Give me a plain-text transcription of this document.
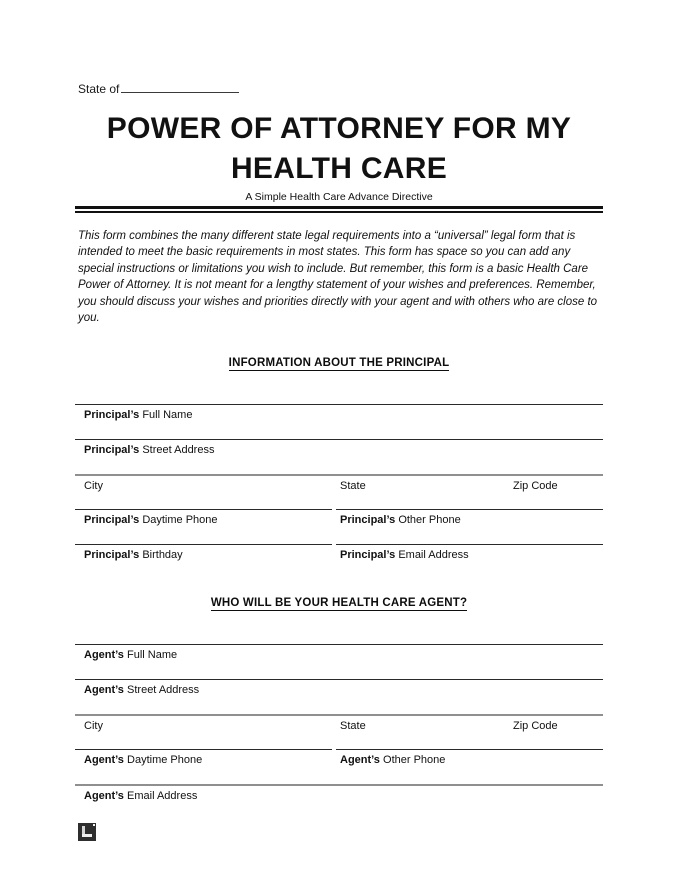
State of
POWER OF ATTORNEY FOR MY
HEALTH CARE
A Simple Health Care Advance Directive

This form combines the many different state legal requirements into a “universal” legal form that is intended to meet the basic requirements in most states. This form has space so you can add any special instructions or limitations you wish to include. But remember, this form is a basic Health Care Power of Attorney. It is not meant for a lengthy statement of your wishes and preferences. Remember, you should discuss your wishes and priorities directly with your agent and with others who are close to you.

INFORMATION ABOUT THE PRINCIPAL
Principal’s Full Name
Principal’s Street Address
City	State	Zip Code
Principal’s Daytime Phone	Principal’s Other Phone
Principal’s Birthday	Principal’s Email Address
WHO WILL BE YOUR HEALTH CARE AGENT?
Agent’s Full Name
Agent’s Street Address
City	State	Zip Code
Agent’s Daytime Phone	Agent’s Other Phone
Agent’s Email Address
